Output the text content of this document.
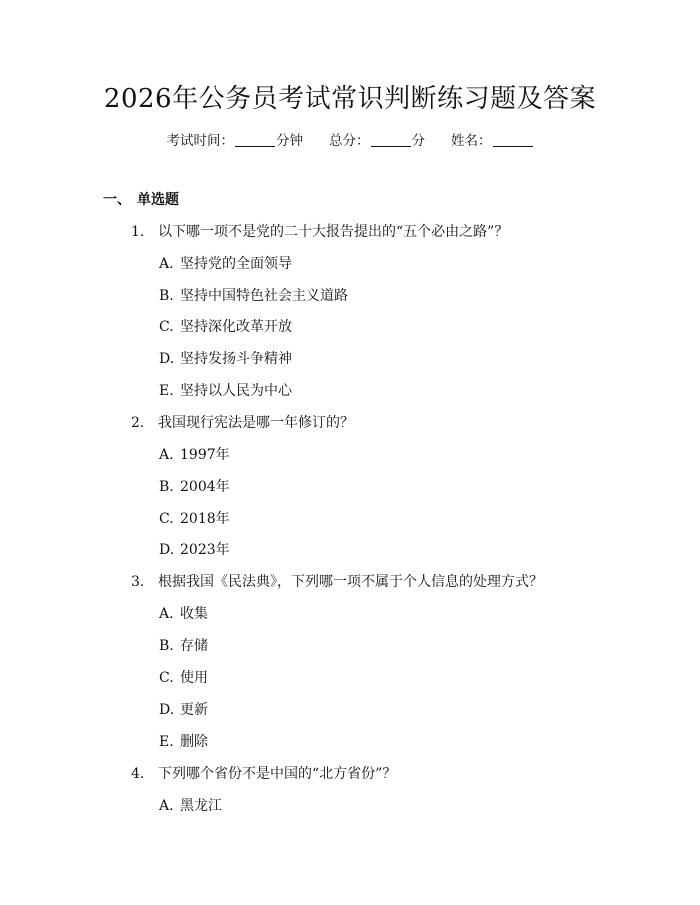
2026年公务员考试常识判断练习题及答案
考试时间：	分钟 总分：	分 姓名：
一、 单选题
1. 以下哪一项不是党的二十大报告提出的“五个必由之路”？
A. 坚持党的全面领导
B. 坚持中国特色社会主义道路
C. 坚持深化改革开放
D. 坚持发扬斗争精神
E. 坚持以人民为中心
2. 我国现行宪法是哪一年修订的？
A. 1997年
B. 2004年
C. 2018年
D. 2023年
3. 根据我国《民法典》，下列哪一项不属于个人信息的处理方式？
A. 收集
B. 存储
C. 使用
D. 更新
E. 删除
4. 下列哪个省份不是中国的“北方省份”？
A. 黑龙江
